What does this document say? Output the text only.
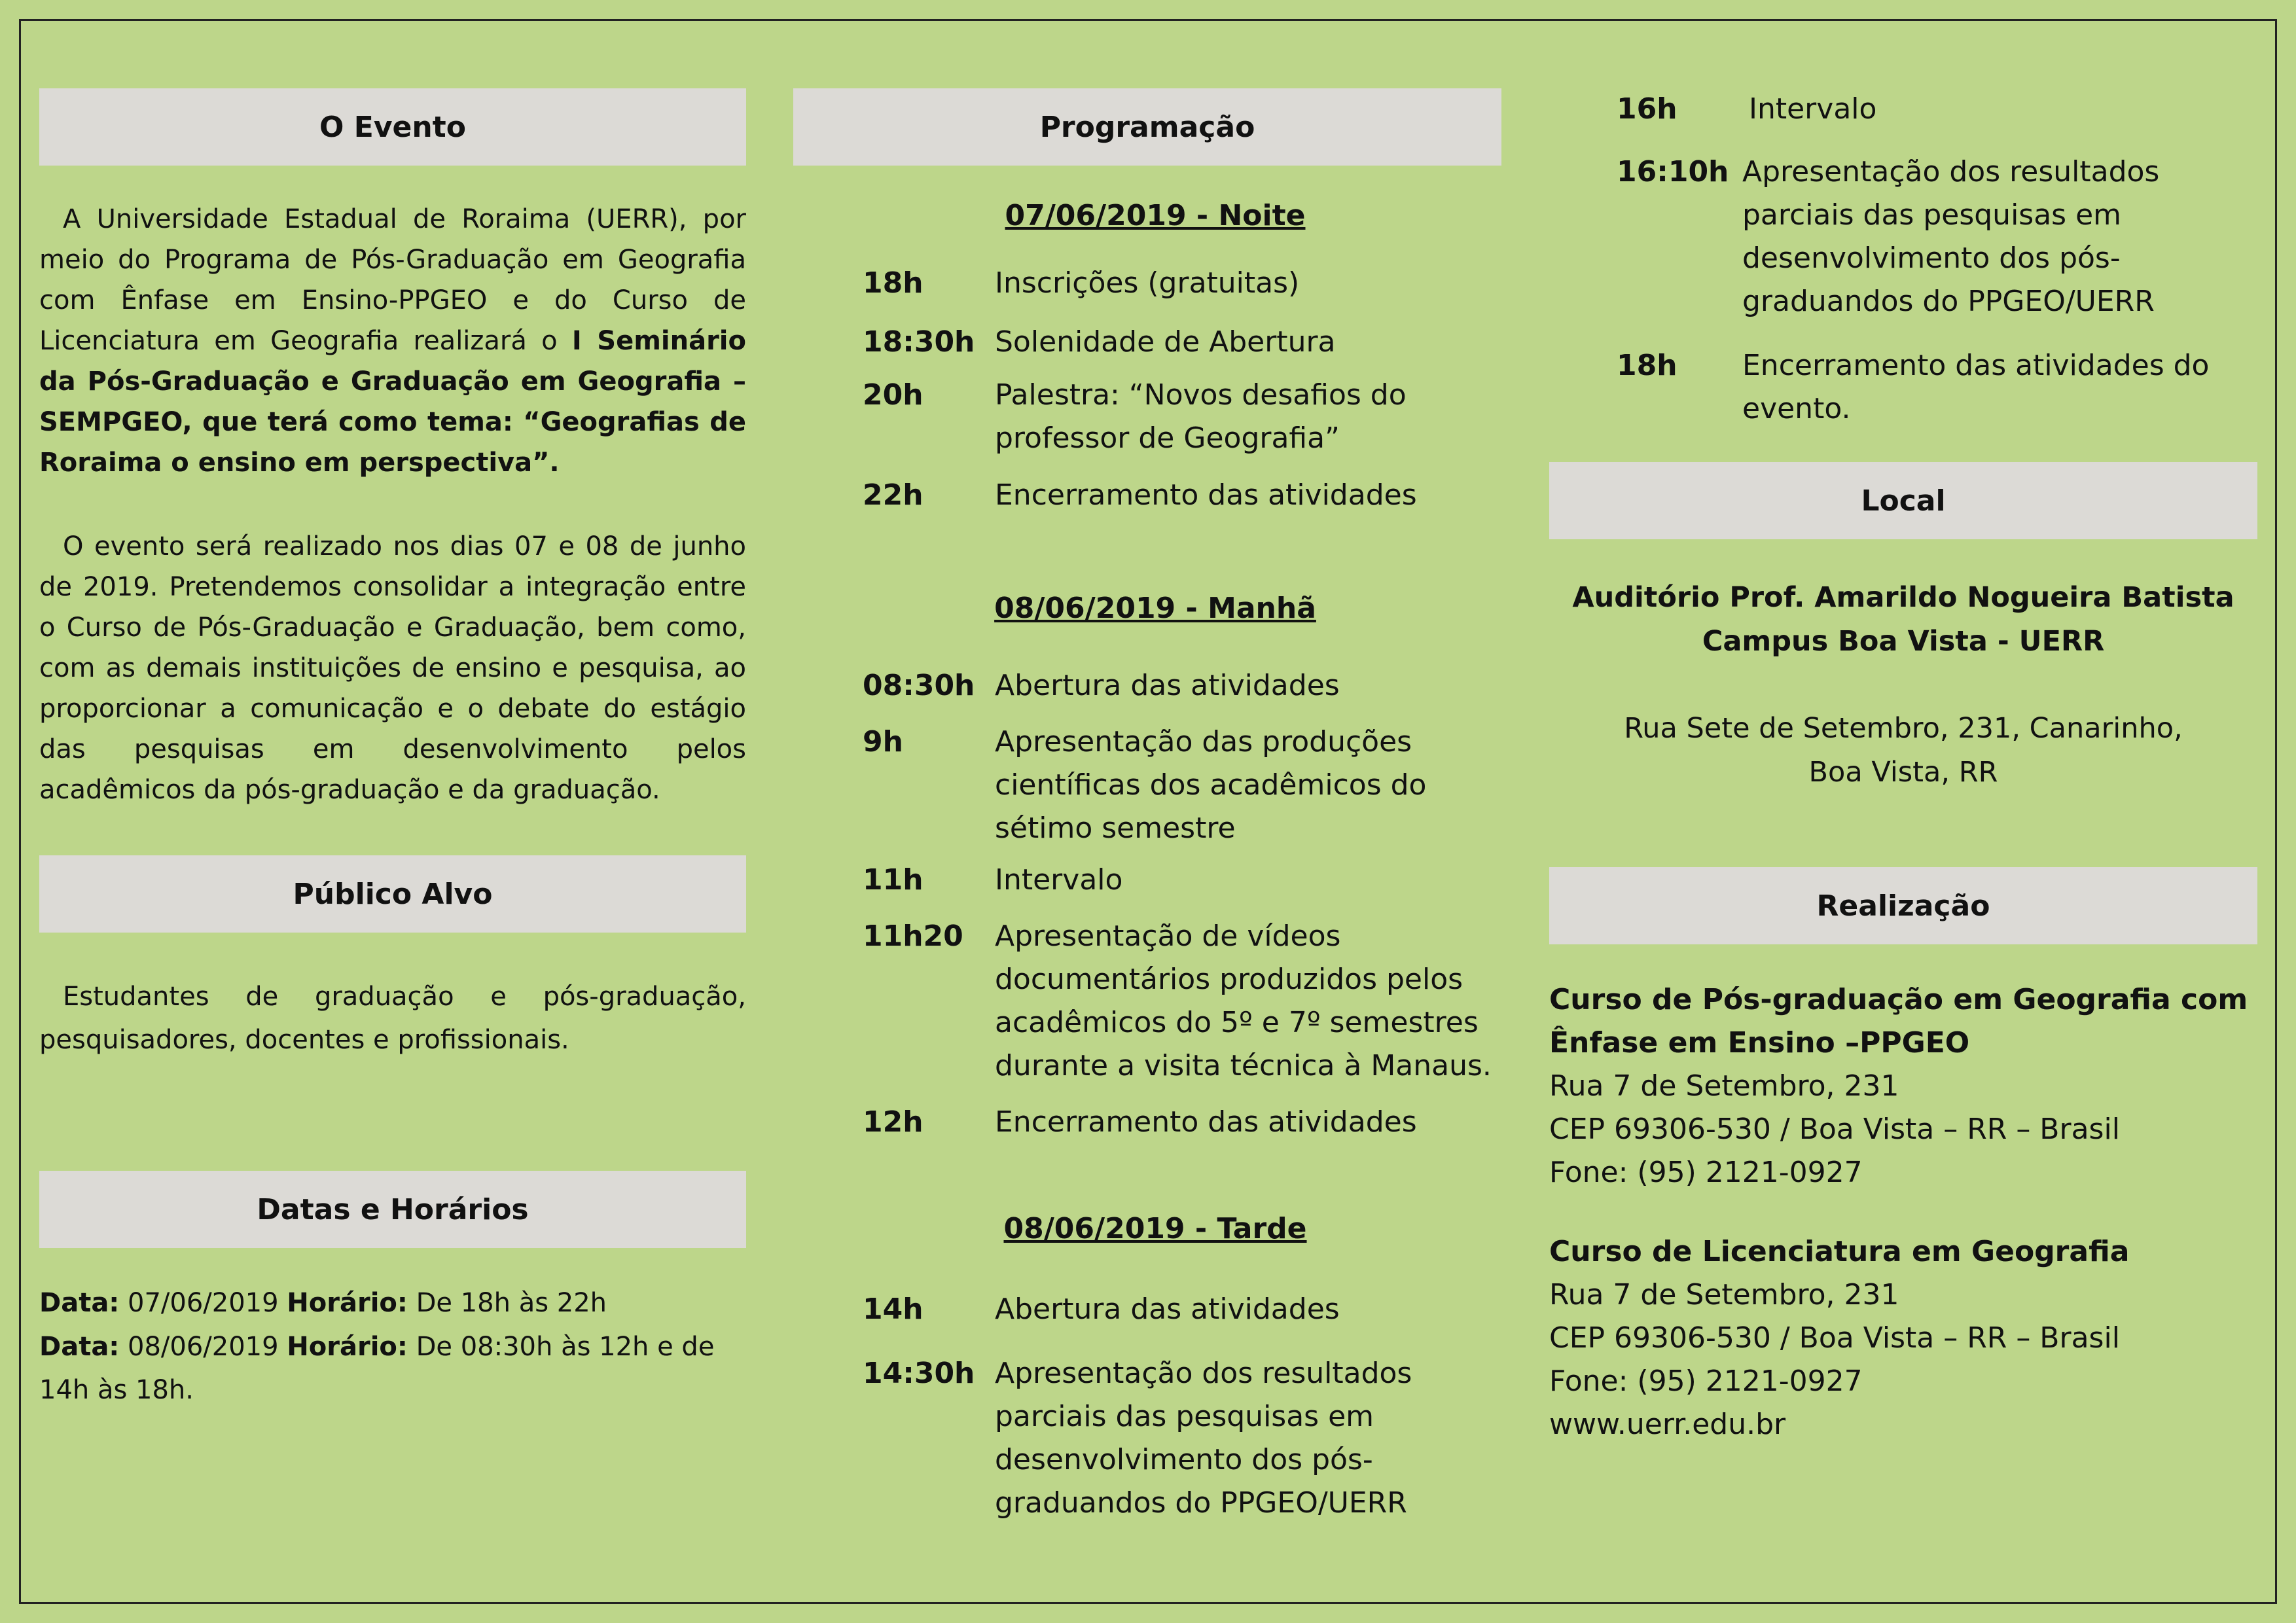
O Evento
A Universidade Estadual de Roraima (UERR), por meio do Programa de Pós-Graduação em Geografia com Ênfase em Ensino-PPGEO e do Curso de Licenciatura em Geografia realizará o I Seminário da Pós-Graduação e Graduação em Geografia – SEMPGEO, que terá como tema: “Geografias de Roraima o ensino em perspectiva”.
O evento será realizado nos dias 07 e 08 de junho de 2019. Pretendemos consolidar a integração entre o Curso de Pós-Graduação e Graduação, bem como, com as demais instituições de ensino e pesquisa, ao proporcionar a comunicação e o debate do estágio das pesquisas em desenvolvimento pelos acadêmicos da pós-graduação e da graduação.
Público Alvo
Estudantes de graduação e pós-graduação, pesquisadores, docentes e profissionais.
Datas e Horários
Data: 07/06/2019 Horário: De 18h às 22h
Data: 08/06/2019 Horário: De 08:30h às 12h e de 14h às 18h.
Programação
07/06/2019 - Noite
18h Inscrições (gratuitas)
18:30h Solenidade de Abertura
20h Palestra: “Novos desafios do professor de Geografia”
22h Encerramento das atividades
08/06/2019 - Manhã
08:30h Abertura das atividades
9h	Apresentação das produções científicas dos acadêmicos do sétimo semestre
11h Intervalo
11h20 Apresentação de vídeos documentários produzidos pelos acadêmicos do 5º e 7º semestres durante a visita técnica à Manaus.
12h Encerramento das atividades
08/06/2019 - Tarde
14h Abertura das atividades
14:30h Apresentação dos resultados parciais das pesquisas em desenvolvimento dos pós-graduandos do PPGEO/UERR
16h Intervalo
16:10h Apresentação dos resultados parciais das pesquisas em desenvolvimento dos pós-graduandos do PPGEO/UERR
18h Encerramento das atividades do evento.
Local
Auditório Prof. Amarildo Nogueira Batista
Campus Boa Vista - UERR
Rua Sete de Setembro, 231, Canarinho,
Boa Vista, RR
Realização
Curso de Pós-graduação em Geografia com
Ênfase em Ensino –PPGEO
Rua 7 de Setembro, 231
CEP 69306-530 / Boa Vista – RR – Brasil
Fone: (95) 2121-0927
Curso de Licenciatura em Geografia
Rua 7 de Setembro, 231
CEP 69306-530 / Boa Vista – RR – Brasil
Fone: (95) 2121-0927
www.uerr.edu.br
